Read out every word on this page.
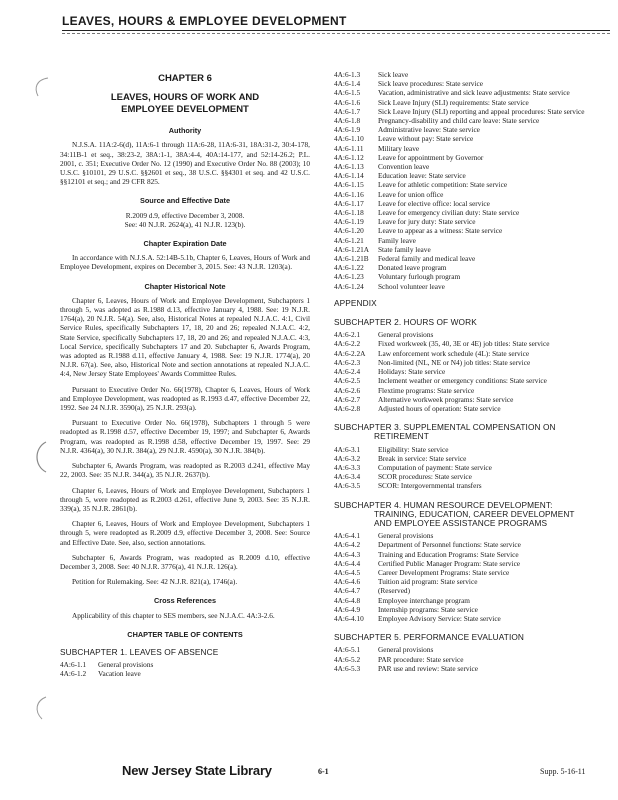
LEAVES, HOURS & EMPLOYEE DEVELOPMENT
CHAPTER 6
LEAVES, HOURS OF WORK AND
EMPLOYEE DEVELOPMENT
Authority

N.J.S.A. 11A:2-6(d), 11A:6-1 through 11A:6-28, 11A:6-31, 18A:31-2, 30:4-178, 34:11B-1 et seq., 38:23-2, 38A:1-1, 38A:4-4, 40A:14-177, and 52:14-26.2; P.L. 2001, c. 351; Executive Order No. 12 (1990) and Executive Order No. 88 (2003); 10 U.S.C. §10101, 29 U.S.C. §§2601 et seq., 38 U.S.C. §§4301 et seq. and 42 U.S.C. §§12101 et seq.; and 29 CFR 825.

Source and Effective Date
R.2009 d.9, effective December 3, 2008.
See: 40 N.J.R. 2624(a), 41 N.J.R. 123(b).
Chapter Expiration Date

In accordance with N.J.S.A. 52:14B-5.1b, Chapter 6, Leaves, Hours of Work and Employee Development, expires on December 3, 2015. See: 43 N.J.R. 1203(a).

Chapter Historical Note

Chapter 6, Leaves, Hours of Work and Employee Development, Subchapters 1 through 5, was adopted as R.1988 d.13, effective January 4, 1988. See: 19 N.J.R. 1764(a), 20 N.J.R. 54(a). See, also, Historical Notes at repealed N.J.A.C. 4:1, Civil Service Rules, specifically Subchapters 17, 18, 20 and 26; repealed N.J.A.C. 4:2, State Service, specifically Subchapters 17, 18, 20 and 26; and repealed N.J.A.C. 4:3, Local Service, specifically Subchapters 17 and 20. Subchapter 6, Awards Program, was adopted as R.1988 d.11, effective January 4, 1988. See: 19 N.J.R. 1774(a), 20 N.J.R. 67(a). See, also, Historical Note and section annotations at repealed N.J.A.C. 4:4, New Jersey State Employees' Awards Committee Rules.

Pursuant to Executive Order No. 66(1978), Chapter 6, Leaves, Hours of Work and Employee Development, was readopted as R.1993 d.47, effective December 22, 1992. See 24 N.J.R. 3590(a), 25 N.J.R. 293(a).

Pursuant to Executive Order No. 66(1978), Subchapters 1 through 5 were readopted as R.1998 d.57, effective December 19, 1997; and Subchapter 6, Awards Program, was readopted as R.1998 d.58, effective December 19, 1997. See: 29 N.J.R. 4364(a), 30 N.J.R. 384(a), 29 N.J.R. 4590(a), 30 N.J.R. 384(b).

Subchapter 6, Awards Program, was readopted as R.2003 d.241, effective May 22, 2003. See: 35 N.J.R. 344(a), 35 N.J.R. 2637(b).

Chapter 6, Leaves, Hours of Work and Employee Development, Subchapters 1 through 5, were readopted as R.2003 d.261, effective June 9, 2003. See: 35 N.J.R. 339(a), 35 N.J.R. 2861(b).

Chapter 6, Leaves, Hours of Work and Employee Development, Subchapters 1 through 5, were readopted as R.2009 d.9, effective December 3, 2008. See: Source and Effective Date. See, also, section annotations.

Subchapter 6, Awards Program, was readopted as R.2009 d.10, effective December 3, 2008. See: 40 N.J.R. 3776(a), 41 N.J.R. 126(a).

Petition for Rulemaking. See: 42 N.J.R. 821(a), 1746(a).

Cross References

Applicability of this chapter to SES members, see N.J.A.C. 4A:3-2.6.

CHAPTER TABLE OF CONTENTS
SUBCHAPTER 1. LEAVES OF ABSENCE
4A:6-1.1	General provisions
4A:6-1.2	Vacation leave
4A:6-1.3	Sick leave
4A:6-1.4	Sick leave procedures: State service
4A:6-1.5	Vacation, administrative and sick leave adjustments: State service
4A:6-1.6	Sick Leave Injury (SLI) requirements: State service
4A:6-1.7	Sick Leave Injury (SLI) reporting and appeal procedures: State service
4A:6-1.8	Pregnancy-disability and child care leave: State service
4A:6-1.9	Administrative leave: State service
4A:6-1.10	Leave without pay: State service
4A:6-1.11	Military leave
4A:6-1.12	Leave for appointment by Governor
4A:6-1.13	Convention leave
4A:6-1.14	Education leave: State service
4A:6-1.15	Leave for athletic competition: State service
4A:6-1.16	Leave for union office
4A:6-1.17	Leave for elective office: local service
4A:6-1.18	Leave for emergency civilian duty: State service
4A:6-1.19	Leave for jury duty: State service
4A:6-1.20	Leave to appear as a witness: State service
4A:6-1.21	Family leave
4A:6-1.21A	State family leave
4A:6-1.21B	Federal family and medical leave
4A:6-1.22	Donated leave program
4A:6-1.23	Voluntary furlough program
4A:6-1.24	School volunteer leave
APPENDIX
SUBCHAPTER 2. HOURS OF WORK
4A:6-2.1	General provisions
4A:6-2.2	Fixed workweek (35, 40, 3E or 4E) job titles: State service
4A:6-2.2A	Law enforcement work schedule (4L): State service
4A:6-2.3	Non-limited (NL, NE or N4) job titles: State service
4A:6-2.4	Holidays: State service
4A:6-2.5	Inclement weather or emergency conditions: State service
4A:6-2.6	Flextime programs: State service
4A:6-2.7	Alternative workweek programs: State service
4A:6-2.8	Adjusted hours of operation: State service
SUBCHAPTER 3. SUPPLEMENTAL COMPENSATION ON
RETIREMENT
4A:6-3.1	Eligibility: State service
4A:6-3.2	Break in service: State service
4A:6-3.3	Computation of payment: State service
4A:6-3.4	SCOR procedures: State service
4A:6-3.5	SCOR: Intergovernmental transfers
SUBCHAPTER 4. HUMAN RESOURCE DEVELOPMENT:
TRAINING, EDUCATION, CAREER DEVELOPMENT
AND EMPLOYEE ASSISTANCE PROGRAMS
4A:6-4.1	General provisions
4A:6-4.2	Department of Personnel functions: State service
4A:6-4.3	Training and Education Programs: State Service
4A:6-4.4	Certified Public Manager Program: State service
4A:6-4.5	Career Development Programs: State service
4A:6-4.6	Tuition aid program: State service
4A:6-4.7	(Reserved)
4A:6-4.8	Employee interchange program
4A:6-4.9	Internship programs: State service
4A:6-4.10	Employee Advisory Service: State service
SUBCHAPTER 5. PERFORMANCE EVALUATION
4A:6-5.1	General provisions
4A:6-5.2	PAR procedure: State service
4A:6-5.3	PAR use and review: State service
New Jersey State Library	6-1	Supp. 5-16-11
